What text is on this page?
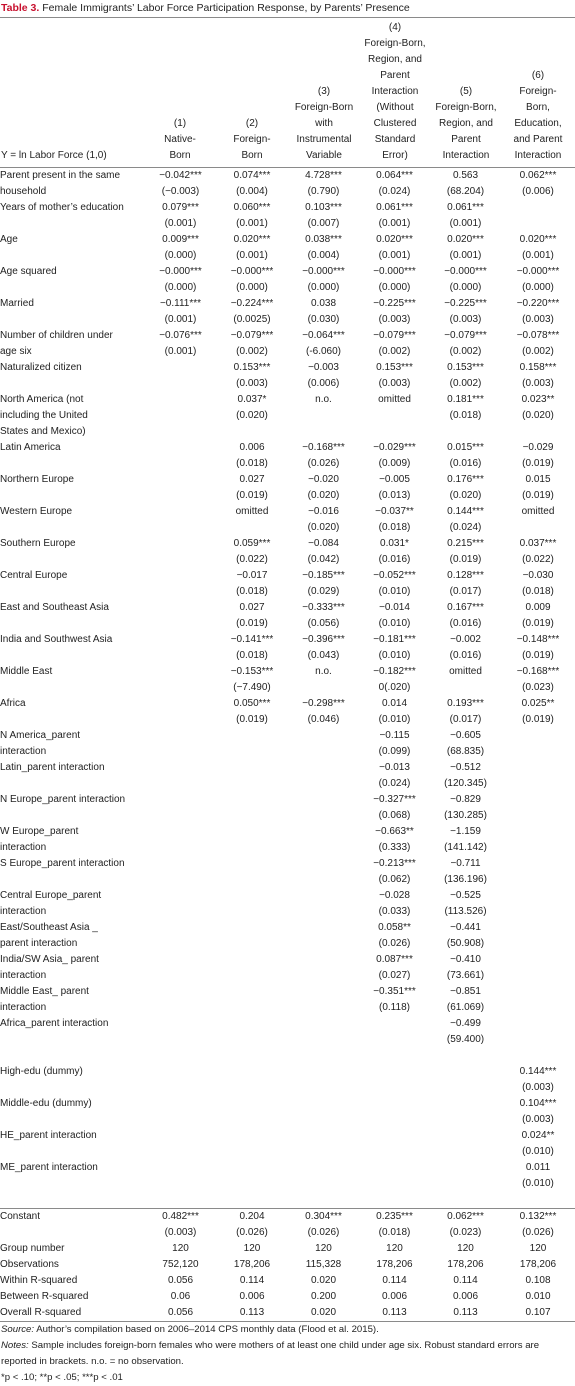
Table 3. Female Immigrants’ Labor Force Participation Response, by Parents’ Presence
Y = ln Labor Force (1,0)
(1)
Native-
Born
(2)
Foreign-
Born
(3)
Foreign-Born
with
Instrumental
Variable
(4)
Foreign-Born,
Region, and
Parent
Interaction
(Without
Clustered
Standard
Error)
(5)
Foreign-Born,
Region, and
Parent
Interaction
(6)
Foreign-
Born,
Education,
and Parent
Interaction
Parent present in the same	−0.042***	0.074***	4.728***	0.064***	0.563	0.062***
household	(−0.003)	(0.004)	(0.790)	(0.024)	(68.204)	(0.006)
Years of mother’s education	0.079***	0.060***	0.103***	0.061***	0.061***	
	(0.001)	(0.001)	(0.007)	(0.001)	(0.001)	
Age	0.009***	0.020***	0.038***	0.020***	0.020***	0.020***
	(0.000)	(0.001)	(0.004)	(0.001)	(0.001)	(0.001)
Age squared	−0.000***	−0.000***	−0.000***	−0.000***	−0.000***	−0.000***
	(0.000)	(0.000)	(0.000)	(0.000)	(0.000)	(0.000)
Married	−0.111***	−0.224***	0.038	−0.225***	−0.225***	−0.220***
	(0.001)	(0.0025)	(0.030)	(0.003)	(0.003)	(0.003)
Number of children under	−0.076***	−0.079***	−0.064***	−0.079***	−0.079***	−0.078***
age six	(0.001)	(0.002)	(-6.060)	(0.002)	(0.002)	(0.002)
Naturalized citizen		0.153***	−0.003	0.153***	0.153***	0.158***
		(0.003)	(0.006)	(0.003)	(0.002)	(0.003)
North America (not		0.037*	n.o.	omitted	0.181***	0.023**
including the United		(0.020)			(0.018)	(0.020)
States and Mexico)						
Latin America		0.006	−0.168***	−0.029***	0.015***	−0.029
		(0.018)	(0.026)	(0.009)	(0.016)	(0.019)
Northern Europe		0.027	−0.020	−0.005	0.176***	0.015
		(0.019)	(0.020)	(0.013)	(0.020)	(0.019)
Western Europe		omitted	−0.016	−0.037**	0.144***	omitted
			(0.020)	(0.018)	(0.024)	
Southern Europe		0.059***	−0.084	0.031*	0.215***	0.037***
		(0.022)	(0.042)	(0.016)	(0.019)	(0.022)
Central Europe		−0.017	−0.185***	−0.052***	0.128***	−0.030
		(0.018)	(0.029)	(0.010)	(0.017)	(0.018)
East and Southeast Asia		0.027	−0.333***	−0.014	0.167***	0.009
		(0.019)	(0.056)	(0.010)	(0.016)	(0.019)
India and Southwest Asia		−0.141***	−0.396***	−0.181***	−0.002	−0.148***
		(0.018)	(0.043)	(0.010)	(0.016)	(0.019)
Middle East		−0.153***	n.o.	−0.182***	omitted	−0.168***
		(−7.490)		0(.020)		(0.023)
Africa		0.050***	−0.298***	0.014	0.193***	0.025**
		(0.019)	(0.046)	(0.010)	(0.017)	(0.019)
N America_parent				−0.115	−0.605	
interaction				(0.099)	(68.835)	
Latin_parent interaction				−0.013	−0.512	
				(0.024)	(120.345)	
N Europe_parent interaction				−0.327***	−0.829	
				(0.068)	(130.285)	
W Europe_parent				−0.663**	−1.159	
interaction				(0.333)	(141.142)	
S Europe_parent interaction				−0.213***	−0.711	
				(0.062)	(136.196)	
Central Europe_parent				−0.028	−0.525	
interaction				(0.033)	(113.526)	
East/Southeast Asia _				0.058**	−0.441	
parent interaction				(0.026)	(50.908)	
India/SW Asia_ parent				0.087***	−0.410	
interaction				(0.027)	(73.661)	
Middle East_ parent				−0.351***	−0.851	
interaction				(0.118)	(61.069)	
Africa_parent interaction					−0.499	
					(59.400)	

High-edu (dummy)						0.144***
						(0.003)
Middle-edu (dummy)						0.104***
						(0.003)
HE_parent interaction						0.024**
						(0.010)
ME_parent interaction						0.011
						(0.010)

Constant	0.482***	0.204	0.304***	0.235***	0.062***	0.132***
	(0.003)	(0.026)	(0.026)	(0.018)	(0.023)	(0.026)
Group number	120	120	120	120	120	120
Observations	752,120	178,206	115,328	178,206	178,206	178,206
Within R-squared	0.056	0.114	0.020	0.114	0.114	0.108
Between R-squared	0.06	0.006	0.200	0.006	0.006	0.010
Overall R-squared	0.056	0.113	0.020	0.113	0.113	0.107
Source: Author’s compilation based on 2006–2014 CPS monthly data (Flood et al. 2015).
Notes: Sample includes foreign-born females who were mothers of at least one child under age six. Robust standard errors are reported in brackets. n.o. = no observation.
*p < .10; **p < .05; ***p < .01
